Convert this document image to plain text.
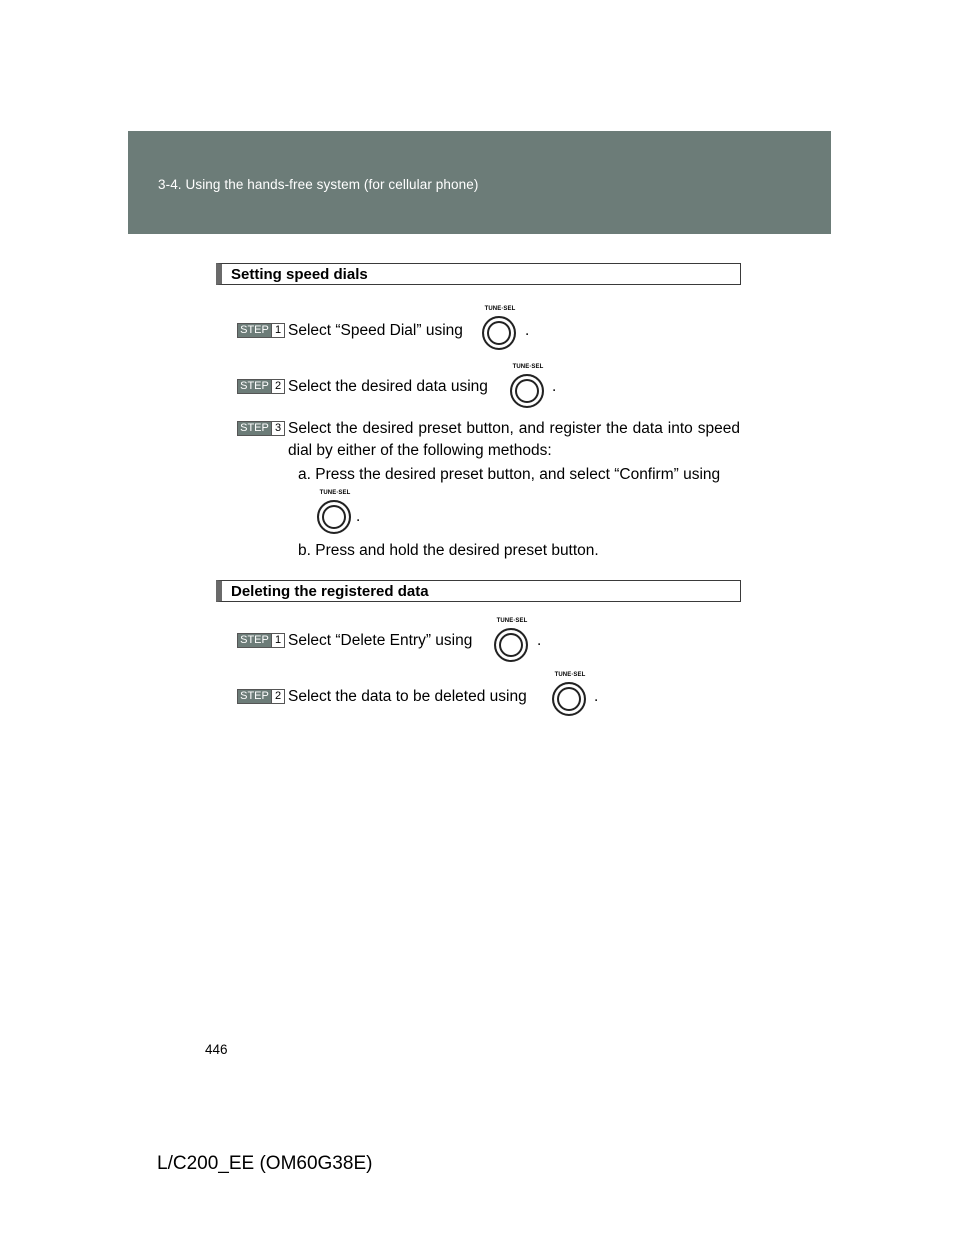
3-4. Using the hands-free system (for cellular phone)
Setting speed dials
STEP 1 Select “Speed Dial” using
TUNE·SEL
.
STEP 2 Select the desired data using
TUNE·SEL
.
STEP 3 Select the desired preset button, and register the data into speed dial by either of the following methods:
a. Press the desired preset button, and select “Confirm” using
TUNE·SEL
.
b. Press and hold the desired preset button.
Deleting the registered data
STEP 1 Select “Delete Entry” using
TUNE·SEL
.
STEP 2 Select the data to be deleted using
TUNE·SEL
.
446
L/C200_EE (OM60G38E)
